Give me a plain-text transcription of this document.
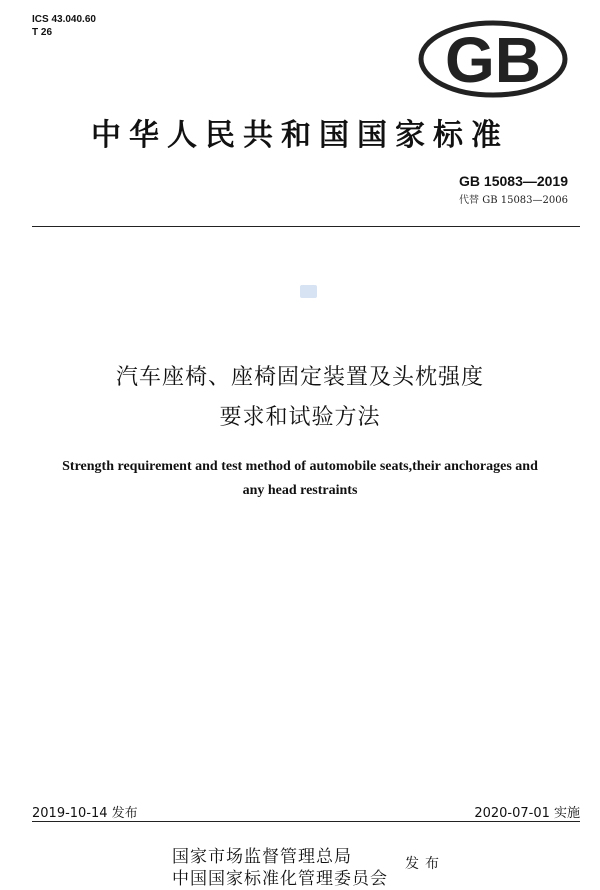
ICS 43.040.60
T 26	GB
中华人民共和国国家标准
GB 15083—2019
代替 GB 15083—2006
汽车座椅、座椅固定装置及头枕强度
要求和试验方法
Strength requirement and test method of automobile seats,their anchorages and
any head restraints
2019-10-14 发布	2020-07-01 实施
国家市场监督管理总局
中国国家标准化管理委员会
发布
